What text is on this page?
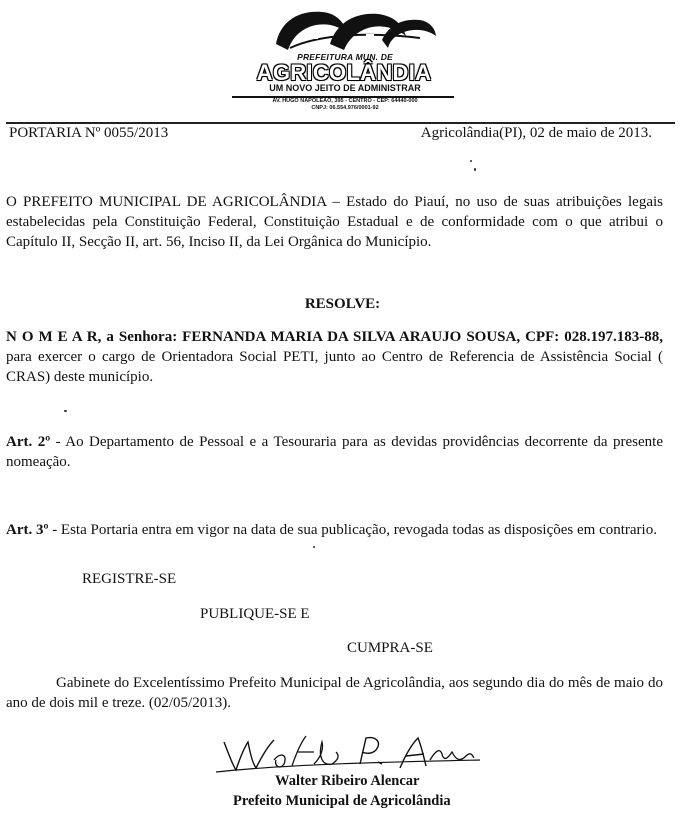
PREFEITURA MUN. DE
AGRICOLÂNDIA
UM NOVO JEITO DE ADMINISTRAR
AV. HUGO NAPOLEÃO, 395 - CENTRO - CEP: 64440-000
CNPJ: 06.554.976/0001-92
PORTARIA Nº 0055/2013	Agricolândia(PI), 02 de maio de 2013.
O PREFEITO MUNICIPAL DE AGRICOLÂNDIA – Estado do Piauí, no uso de suas atribuições legais estabelecidas pela Constituição Federal, Constituição Estadual e de conformidade com o que atribui o Capítulo II, Secção II, art. 56, Inciso II, da Lei Orgânica do Município.
RESOLVE:

N O M E A R, a Senhora: FERNANDA MARIA DA SILVA ARAUJO SOUSA, CPF: 028.197.183-88, para exercer o cargo de Orientadora Social PETI, junto ao Centro de Referencia de Assistência Social ( CRAS) deste município.

Art. 2º - Ao Departamento de Pessoal e a Tesouraria para as devidas providências decorrente da presente nomeação.

Art. 3º - Esta Portaria entra em vigor na data de sua publicação, revogada todas as disposições em contrario.

REGISTRE-SE
PUBLIQUE-SE E
CUMPRA-SE
Gabinete do Excelentíssimo Prefeito Municipal de Agricolândia, aos segundo dia do mês de maio do ano de dois mil e treze. (02/05/2013).
Walter Ribeiro Alencar
Prefeito Municipal de Agricolândia
